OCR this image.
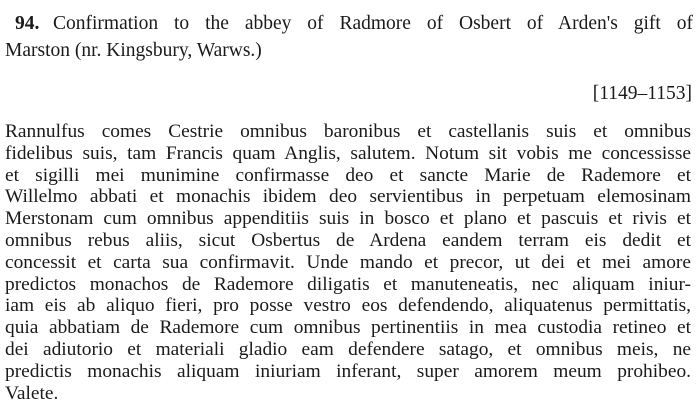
94. Confirmation to the abbey of Radmore of Osbert of Arden's gift of
Marston (nr. Kingsbury, Warws.)
[1149–1153]
Rannulfus comes Cestrie omnibus baronibus et castellanis suis et omnibus
fidelibus suis, tam Francis quam Anglis, salutem. Notum sit vobis me concessisse
et sigilli mei munimine confirmasse deo et sancte Marie de Rademore et
Willelmo abbati et monachis ibidem deo servientibus in perpetuam elemosinam
Merstonam cum omnibus appenditiis suis in bosco et plano et pascuis et rivis et
omnibus rebus aliis, sicut Osbertus de Ardena eandem terram eis dedit et
concessit et carta sua confirmavit. Unde mando et precor, ut dei et mei amore
predictos monachos de Rademore diligatis et manuteneatis, nec aliquam iniur-
iam eis ab aliquo fieri, pro posse vestro eos defendendo, aliquatenus permittatis,
quia abbatiam de Rademore cum omnibus pertinentiis in mea custodia retineo et
dei adiutorio et materiali gladio eam defendere satago, et omnibus meis, ne
predictis monachis aliquam iniuriam inferant, super amorem meum prohibeo.
Valete.
